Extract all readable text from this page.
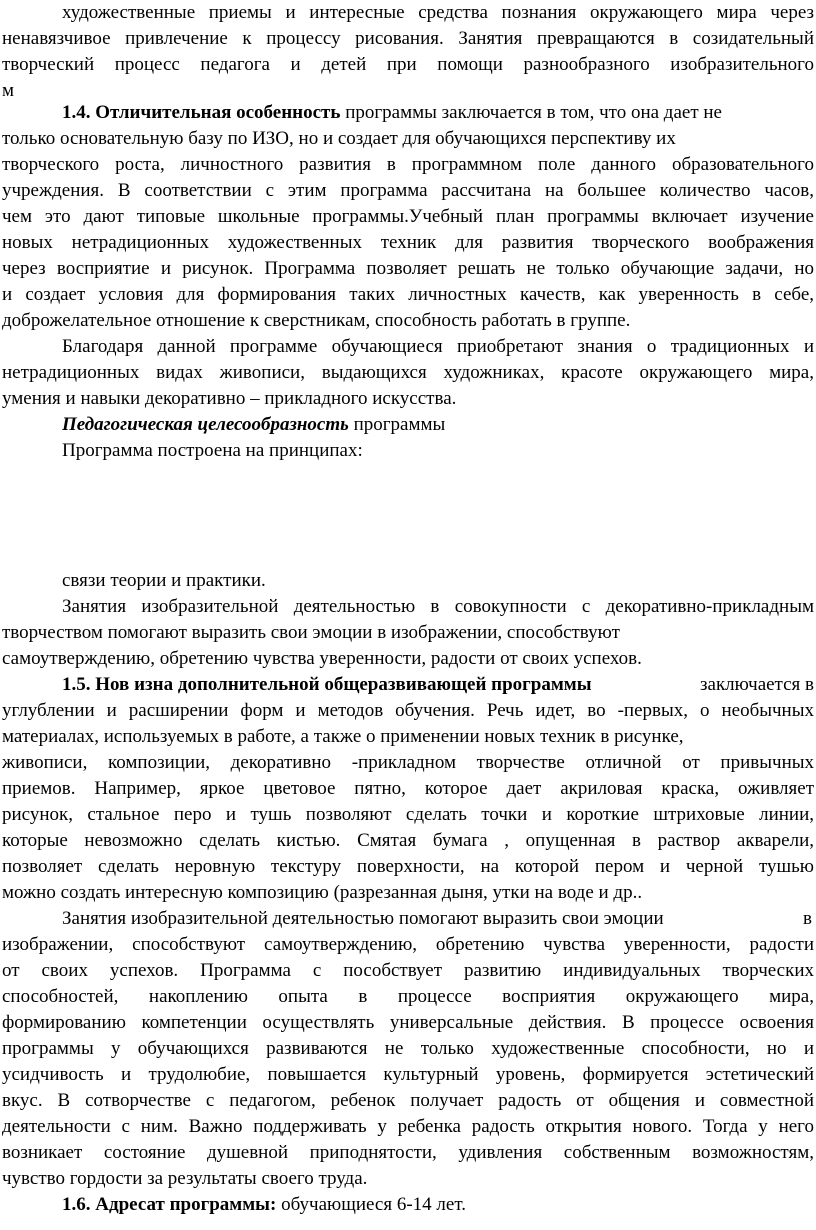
художественные приемы и интересные средства познания окружающего мира через
ненавязчивое привлечение к процессу рисования. Занятия превращаются в созидательный
творческий процесс педагога и детей при помощи разнообразного изобразительного
м
1.4. Отличительная особенность программы заключается в том, что она дает не
только основательную базу по ИЗО, но и создает для обучающихся перспективу их
творческого роста, личностного развития в программном поле данного образовательного
учреждения. В соответствии с этим программа рассчитана на большее количество часов,
чем это дают типовые школьные программы.Учебный план программы включает изучение
новых нетрадиционных художественных техник для развития творческого воображения
через восприятие и рисунок. Программа позволяет решать не только обучающие задачи, но
и создает условия для формирования таких личностных качеств, как уверенность в себе,
доброжелательное отношение к сверстникам, способность работать в группе.
Благодаря данной программе обучающиеся приобретают знания о традиционных и
нетрадиционных видах живописи, выдающихся художниках, красоте окружающего мира,
умения и навыки декоративно – прикладного искусства.
Педагогическая целесообразность программы
Программа построена на принципах:
связи теории и практики.
Занятия изобразительной деятельностью в совокупности с декоративно-прикладным
творчеством помогают выразить свои эмоции в изображении, способствуют
самоутверждению, обретению чувства уверенности, радости от своих успехов.
1.5. Нов изна дополнительной общеразвивающей программы	заключается в
углублении и расширении форм и методов обучения. Речь идет, во -первых, о необычных
материалах, используемых в работе, а также о применении новых техник в рисунке,
живописи, композиции, декоративно -прикладном творчестве отличной от привычных
приемов. Например, яркое цветовое пятно, которое дает акриловая краска, оживляет
рисунок, стальное перо и тушь позволяют сделать точки и короткие штриховые линии,
которые невозможно сделать кистью. Смятая бумага , опущенная в раствор акварели,
позволяет сделать неровную текстуру поверхности, на которой пером и черной тушью
можно создать интересную композицию (разрезанная дыня, утки на воде и др..
Занятия изобразительной деятельностью помогают выразить свои эмоции	в
изображении, способствуют самоутверждению, обретению чувства уверенности, радости
от своих успехов. Программа с пособствует развитию индивидуальных творческих
способностей, накоплению опыта в процессе восприятия окружающего мира,
формированию компетенции осуществлять универсальные действия. В процессе освоения
программы у обучающихся развиваются не только художественные способности, но и
усидчивость и трудолюбие, повышается культурный уровень, формируется эстетический
вкус. В сотворчестве с педагогом, ребенок получает радость от общения и совместной
деятельности с ним. Важно поддерживать у ребенка радость открытия нового. Тогда у него
возникает состояние душевной приподнятости, удивления собственным возможностям,
чувство гордости за результаты своего труда.
1.6. Адресат программы: обучающиеся 6-14 лет.
